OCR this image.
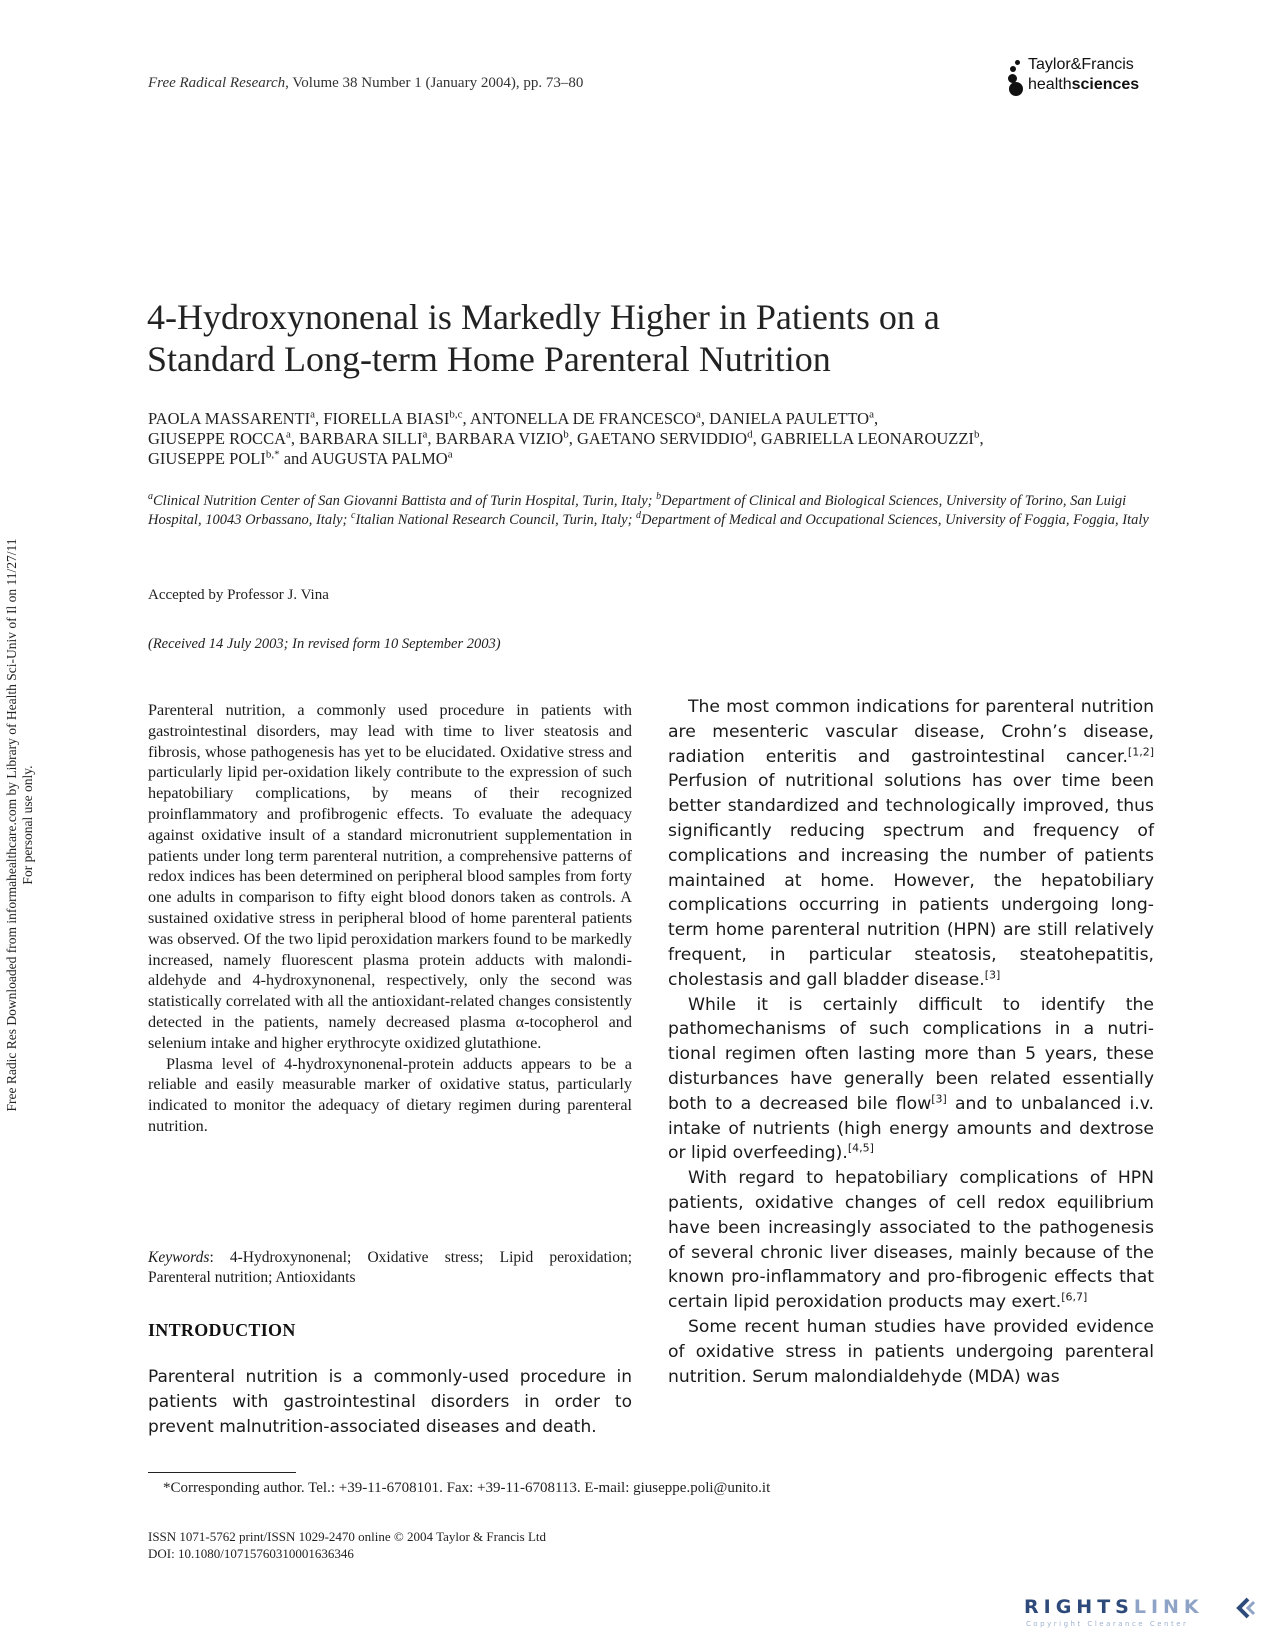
Free Radical Research, Volume 38 Number 1 (January 2004), pp. 73–80
Taylor&Francis
healthsciences
Free Radic Res Downloaded from informahealthcare.com by Library of Health Sci-Univ of Il on 11/27/11 For personal use only.
4-Hydroxynonenal is Markedly Higher in Patients on a
Standard Long-term Home Parenteral Nutrition
PAOLA MASSARENTI$^a$, FIORELLA BIASI$^{b,c}$, ANTONELLA DE FRANCESCO$^a$, DANIELA PAULETTO$^a$,
GIUSEPPE ROCCA$^a$, BARBARA SILLI$^a$, BARBARA VIZIO$^b$, GAETANO SERVIDDIO$^d$, GABRIELLA LEONAROUZZI$^b$,
GIUSEPPE $POLI^{b,*}$ and AUGUSTA PALMO$^a$
$^a$Clinical Nutrition Center of San Giovanni Battista and of Turin Hospital, Turin, Italy; $^b$Department of Clinical and Biological Sciences, University of Torino, San Luigi Hospital, 10043 Orbassano, Italy; $^c$Italian National Research Council, Turin, Italy; $^d$Department of Medical and Occupational Sciences, University of Foggia, Foggia, Italy
Accepted by Professor J. Vina
(Received 14 July 2003; In revised form 10 September 2003)

Parenteral nutrition, a commonly used procedure in patients with gastrointestinal disorders, may lead with time to liver steatosis and fibrosis, whose pathogenesis has yet to be elucidated. Oxidative stress and particularly lipid per-oxidation likely contribute to the expression of such hepatobiliary complications, by means of their recognized proinflammatory and profibrogenic effects. To evaluate the adequacy against oxidative insult of a standard micronutrient supplementation in patients under long term parenteral nutrition, a comprehensive patterns of redox indices has been determined on peripheral blood samples from forty one adults in comparison to fifty eight blood donors taken as controls. A sustained oxidative stress in peripheral blood of home parenteral patients was observed. Of the two lipid peroxidation markers found to be markedly increased, namely fluorescent plasma protein adducts with malondi-aldehyde and 4-hydroxynonenal, respectively, only the second was statistically correlated with all the antioxidant-related changes consistently detected in the patients, namely decreased plasma α-tocopherol and selenium intake and higher erythrocyte oxidized glutathione.

Plasma level of 4-hydroxynonenal-protein adducts appears to be a reliable and easily measurable marker of oxidative status, particularly indicated to monitor the adequacy of dietary regimen during parenteral nutrition.

Keywords: 4-Hydroxynonenal; Oxidative stress; Lipid peroxidation; Parenteral nutrition; Antioxidants
INTRODUCTION
Parenteral nutrition is a commonly-used procedure in patients with gastrointestinal disorders in order to prevent malnutrition-associated diseases and death.

The most common indications for parenteral nutrition are mesenteric vascular disease, Crohn’s disease, radiation enteritis and gastrointestinal cancer.[1,2] Perfusion of nutritional solutions has over time been better standardized and technologically improved, thus significantly reducing spectrum and frequency of complications and increasing the number of patients maintained at home. However, the hepatobiliary complications occurring in patients undergoing long-term home parenteral nutrition (HPN) are still relatively frequent, in particular steatosis, steatohepatitis, cholestasis and gall bladder disease.[3]

While it is certainly difficult to identify the pathomechanisms of such complications in a nutri-tional regimen often lasting more than 5 years, these disturbances have generally been related essentially both to a decreased bile flow[3] and to unbalanced i.v. intake of nutrients (high energy amounts and dextrose or lipid overfeeding).[4,5]

With regard to hepatobiliary complications of HPN patients, oxidative changes of cell redox equilibrium have been increasingly associated to the pathogenesis of several chronic liver diseases, mainly because of the known pro-inflammatory and pro-fibrogenic effects that certain lipid peroxidation products may exert.[6,7]

Some recent human studies have provided evidence of oxidative stress in patients undergoing parenteral nutrition. Serum malondialdehyde (MDA) was

*Corresponding author. Tel.: +39-11-6708101. Fax: +39-11-6708113. E-mail: giuseppe.poli@unito.it
ISSN 1071-5762 print/ISSN 1029-2470 online © 2004 Taylor & Francis Ltd
DOI: 10.1080/10715760310001636346
RIGHTSLINK
Copyright Clearance Center
